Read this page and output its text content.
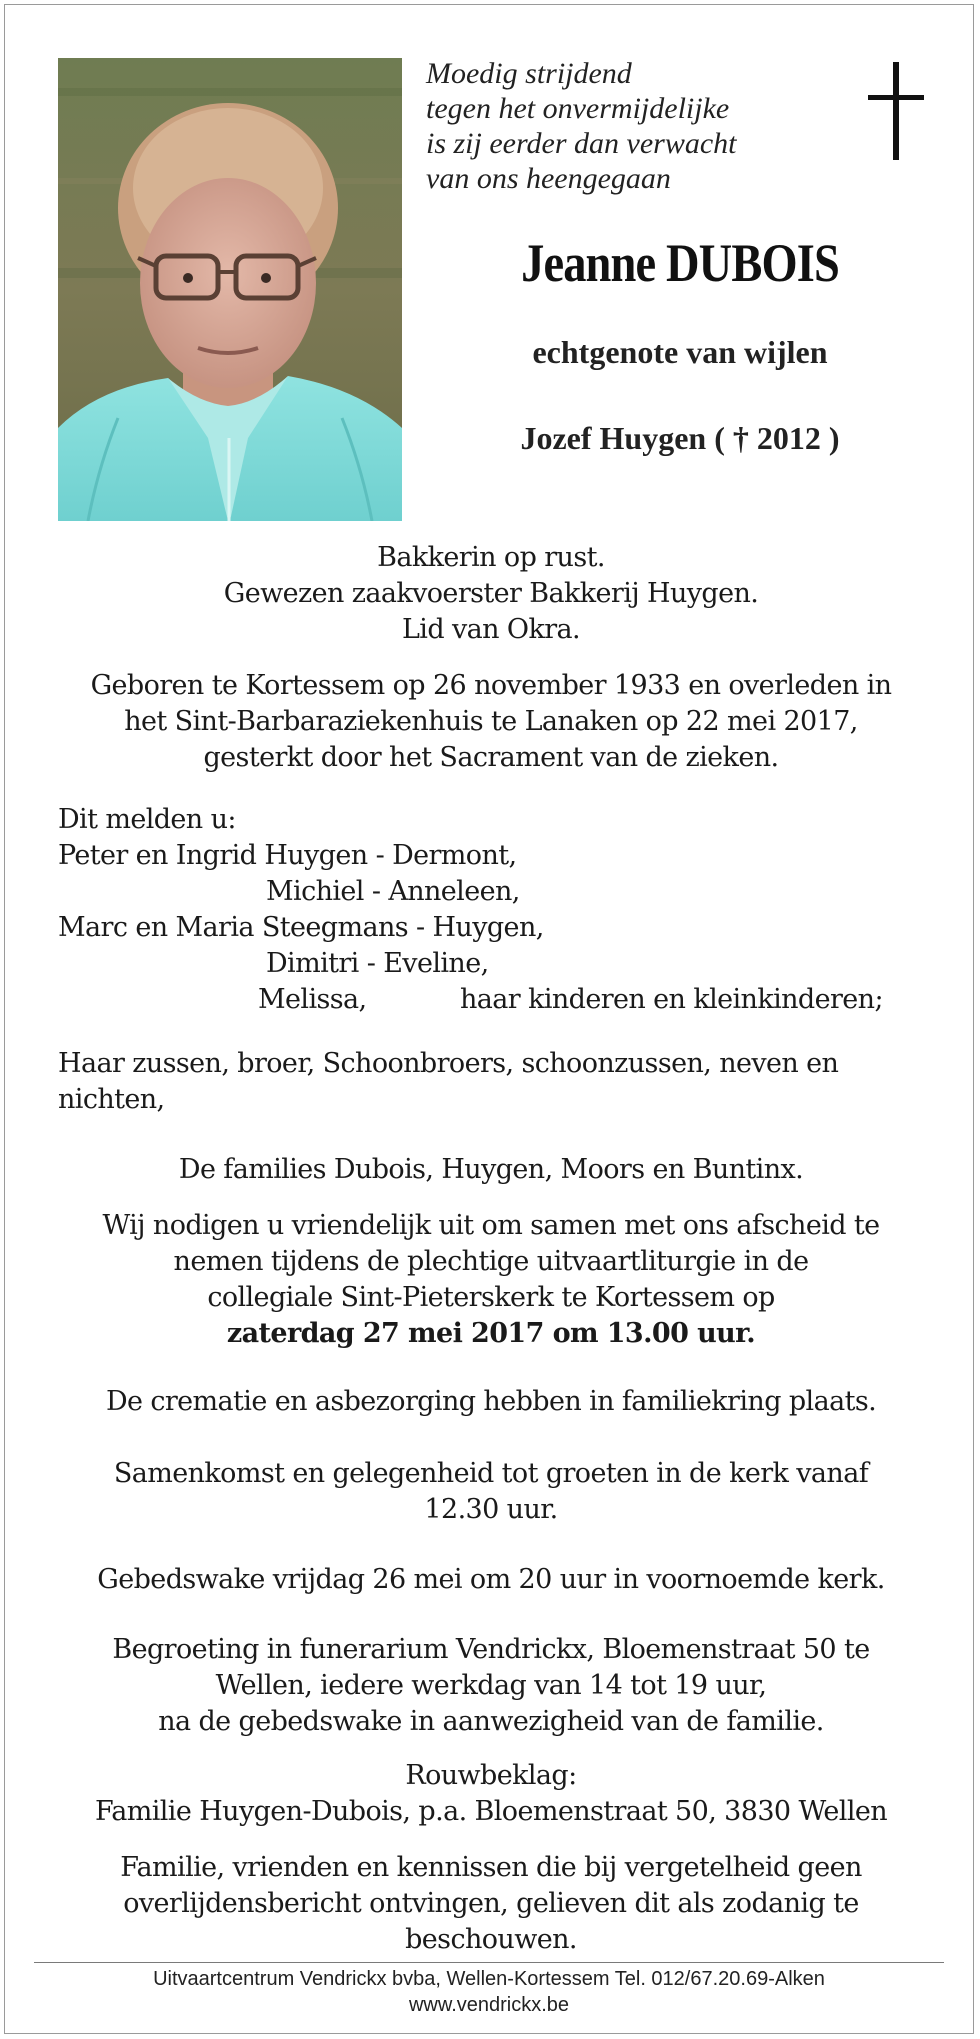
Moedig strijdend
tegen het onvermijdelijke
is zij eerder dan verwacht
van ons heengegaan
Jeanne DUBOIS
echtgenote van wijlen
Jozef Huygen ( † 2012 )
Bakkerin op rust.
Gewezen zaakvoerster Bakkerij Huygen.
Lid van Okra.
Geboren te Kortessem op 26 november 1933 en overleden in
het Sint-Barbaraziekenhuis te Lanaken op 22 mei 2017,
gesterkt door het Sacrament van de zieken.
Dit melden u:
Peter en Ingrid Huygen - Dermont,
Michiel - Anneleen,
Marc en Maria Steegmans - Huygen,
Dimitri - Eveline,
Melissa,	haar kinderen en kleinkinderen;
Haar zussen, broer, Schoonbroers, schoonzussen, neven en
nichten,
De families Dubois, Huygen, Moors en Buntinx.
Wij nodigen u vriendelijk uit om samen met ons afscheid te
nemen tijdens de plechtige uitvaartliturgie in de
collegiale Sint-Pieterskerk te Kortessem op
zaterdag 27 mei 2017 om 13.00 uur.
De crematie en asbezorging hebben in familiekring plaats.
Samenkomst en gelegenheid tot groeten in de kerk vanaf
12.30 uur.
Gebedswake vrijdag 26 mei om 20 uur in voornoemde kerk.
Begroeting in funerarium Vendrickx, Bloemenstraat 50 te
Wellen, iedere werkdag van 14 tot 19 uur,
na de gebedswake in aanwezigheid van de familie.
Rouwbeklag:
Familie Huygen-Dubois, p.a. Bloemenstraat 50, 3830 Wellen
Familie, vrienden en kennissen die bij vergetelheid geen
overlijdensbericht ontvingen, gelieven dit als zodanig te
beschouwen.
Uitvaartcentrum Vendrickx bvba, Wellen-Kortessem Tel. 012/67.20.69-Alken
www.vendrickx.be
